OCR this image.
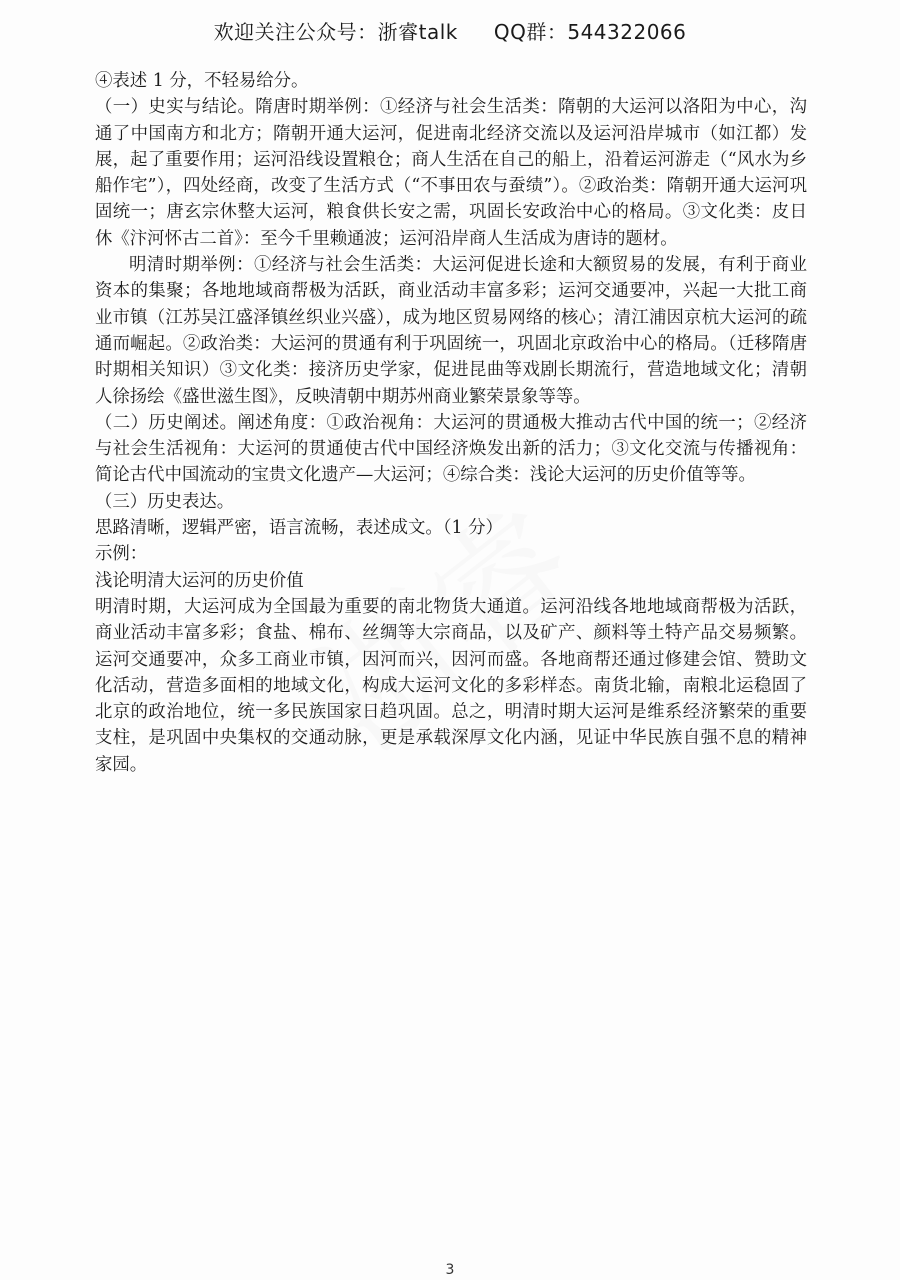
欢迎关注公众号：浙睿talk QQ群：544322066

④表述 1 分，不轻易给分。

（一）史实与结论。隋唐时期举例：①经济与社会生活类：隋朝的大运河以洛阳为中心，沟通了中国南方和北方；隋朝开通大运河，促进南北经济交流以及运河沿岸城市（如江都）发展，起了重要作用；运河沿线设置粮仓；商人生活在自己的船上，沿着运河游走（“风水为乡船作宅”），四处经商，改变了生活方式（“不事田农与蚕绩”）。②政治类：隋朝开通大运河巩固统一；唐玄宗休整大运河，粮食供长安之需，巩固长安政治中心的格局。③文化类：皮日休《汴河怀古二首》：至今千里赖通波；运河沿岸商人生活成为唐诗的题材。

明清时期举例：①经济与社会生活类：大运河促进长途和大额贸易的发展，有利于商业资本的集聚；各地地域商帮极为活跃，商业活动丰富多彩；运河交通要冲，兴起一大批工商业市镇（江苏吴江盛泽镇丝织业兴盛），成为地区贸易网络的核心；清江浦因京杭大运河的疏通而崛起。②政治类：大运河的贯通有利于巩固统一，巩固北京政治中心的格局。（迁移隋唐时期相关知识）③文化类：接济历史学家，促进昆曲等戏剧长期流行，营造地域文化；清朝人徐扬绘《盛世滋生图》，反映清朝中期苏州商业繁荣景象等等。

（二）历史阐述。阐述角度：①政治视角：大运河的贯通极大推动古代中国的统一；②经济与社会生活视角：大运河的贯通使古代中国经济焕发出新的活力；③文化交流与传播视角：简论古代中国流动的宝贵文化遗产—大运河；④综合类：浅论大运河的历史价值等等。

（三）历史表达。

思路清晰，逻辑严密，语言流畅，表述成文。（1 分）

示例：

浅论明清大运河的历史价值

明清时期，大运河成为全国最为重要的南北物货大通道。运河沿线各地地域商帮极为活跃，商业活动丰富多彩；食盐、棉布、丝绸等大宗商品，以及矿产、颜料等土特产品交易频繁。运河交通要冲，众多工商业市镇，因河而兴，因河而盛。各地商帮还通过修建会馆、赞助文化活动，营造多面相的地域文化，构成大运河文化的多彩样态。南货北输，南粮北运稳固了北京的政治地位，统一多民族国家日趋巩固。总之，明清时期大运河是维系经济繁荣的重要支柱，是巩固中央集权的交通动脉，更是承载深厚文化内涵，见证中华民族自强不息的精神家园。

3
